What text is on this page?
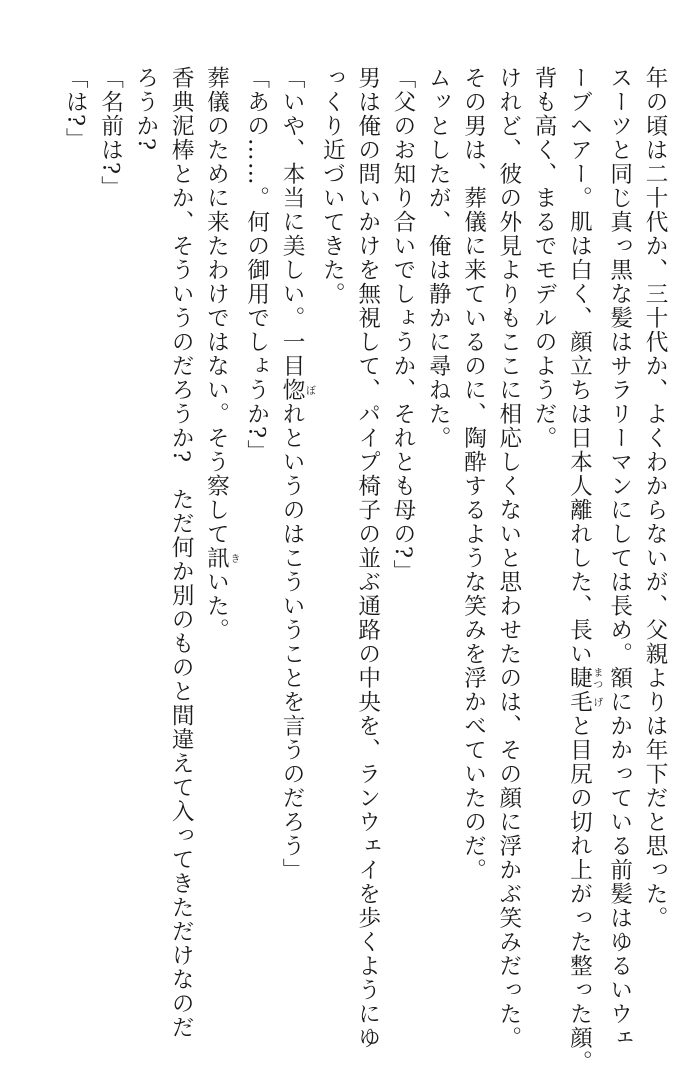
年の頃は二十代か、三十代か、よくわからないが、父親よりは年下だと思った。
スーツと同じ真っ黒な髪はサラリーマンにしては長め。額にかかっている前髪はゆるいウェ
ーブヘアー。肌は白く、顔立ちは日本人離れした、長い睫まつ毛げと目尻の切れ上がった整った顔。
背も高く、まるでモデルのようだ。
けれど、彼の外見よりもここに相応しくないと思わせたのは、その顔に浮かぶ笑みだった。
その男は、葬儀に来ているのに、陶酔するような笑みを浮かべていたのだ。
ムッとしたが、俺は静かに尋ねた。
「父のお知り合いでしょうか、それとも母の?」
男は俺の問いかけを無視して、パイプ椅子の並ぶ通路の中央を、ランウェイを歩くようにゆ
っくり近づいてきた。
「いや、本当に美しい。一目惚ぼれというのはこういうことを言うのだろう」
「あの……。何の御用でしょうか?」
葬儀のために来たわけではない。そう察して訊きいた。
香典泥棒とか、そういうのだろうか?　ただ何か別のものと間違えて入ってきただけなのだ
ろうか?
「名前は?」
「は?」
